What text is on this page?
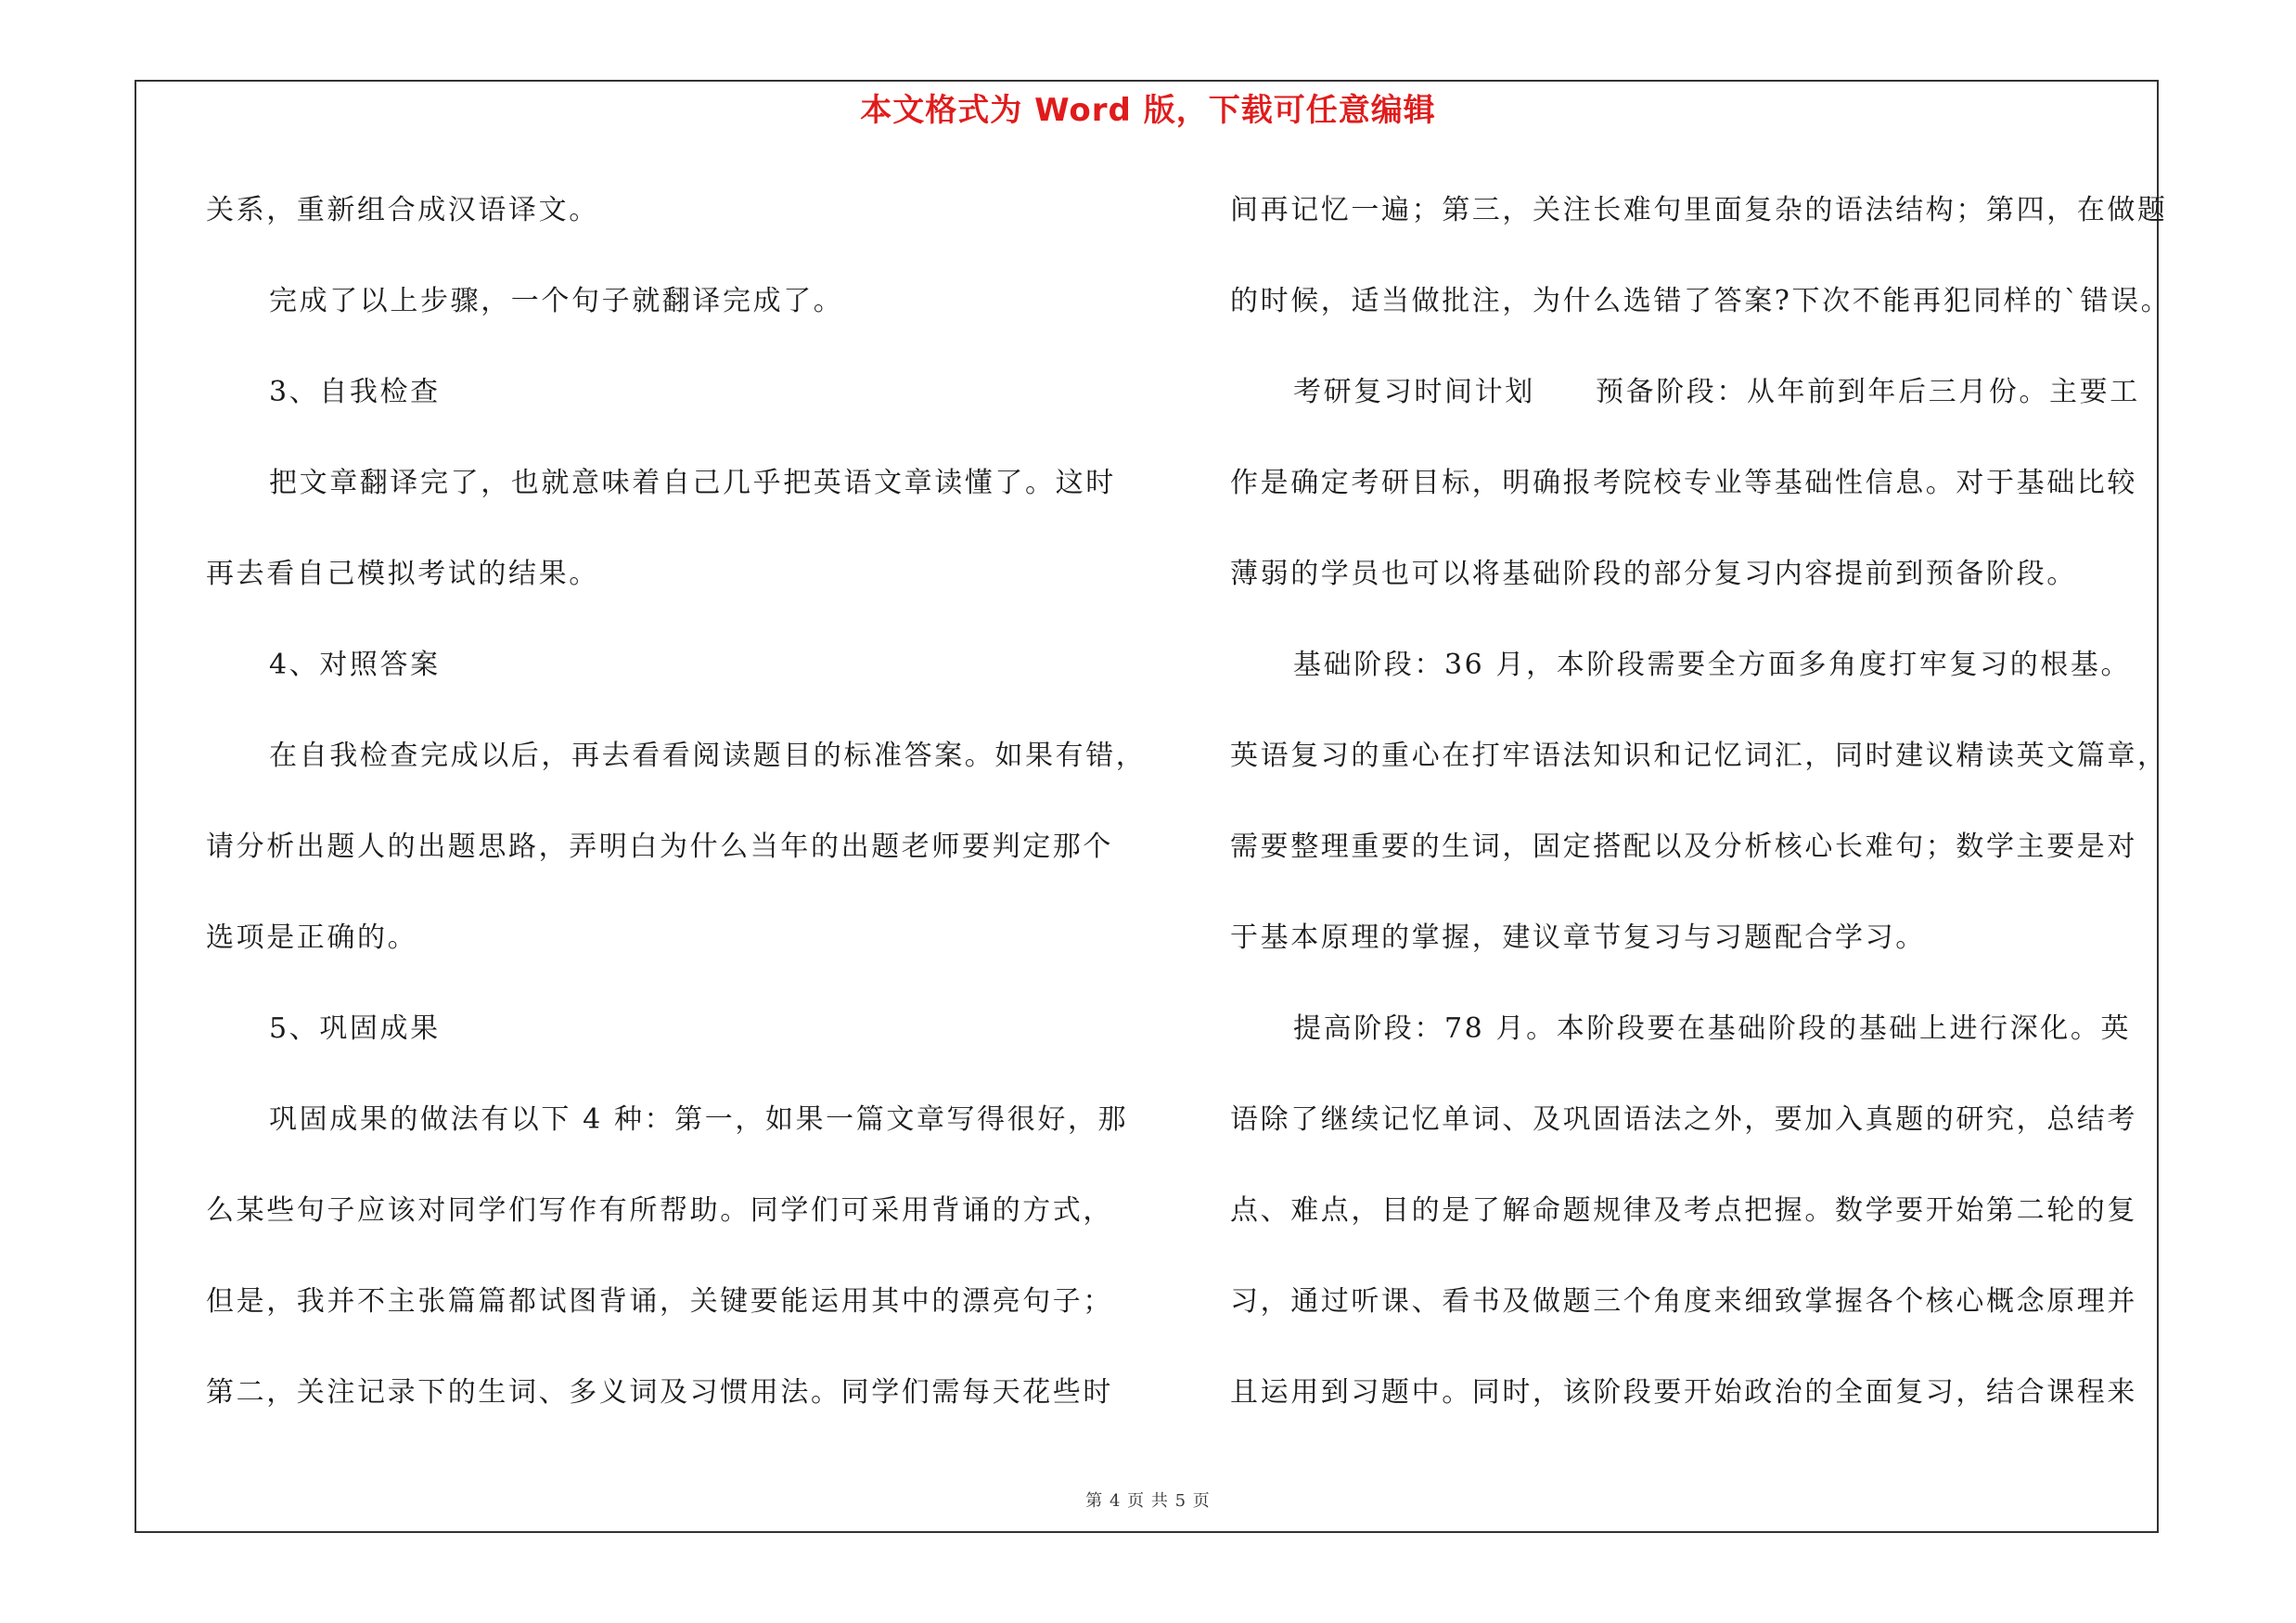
本文格式为 Word 版，下载可任意编辑
关系，重新组合成汉语译文。
完成了以上步骤，一个句子就翻译完成了。
3、自我检查
把文章翻译完了，也就意味着自己几乎把英语文章读懂了。这时
再去看自己模拟考试的结果。
4、对照答案
在自我检查完成以后，再去看看阅读题目的标准答案。如果有错，
请分析出题人的出题思路，弄明白为什么当年的出题老师要判定那个
选项是正确的。
5、巩固成果
巩固成果的做法有以下 4 种：第一，如果一篇文章写得很好，那
么某些句子应该对同学们写作有所帮助。同学们可采用背诵的方式，
但是，我并不主张篇篇都试图背诵，关键要能运用其中的漂亮句子；
第二，关注记录下的生词、多义词及习惯用法。同学们需每天花些时
间再记忆一遍；第三，关注长难句里面复杂的语法结构；第四，在做题
的时候，适当做批注，为什么选错了答案?下次不能再犯同样的`错误。
考研复习时间计划　　预备阶段：从年前到年后三月份。主要工
作是确定考研目标，明确报考院校专业等基础性信息。对于基础比较
薄弱的学员也可以将基础阶段的部分复习内容提前到预备阶段。
基础阶段：36 月，本阶段需要全方面多角度打牢复习的根基。
英语复习的重心在打牢语法知识和记忆词汇，同时建议精读英文篇章，
需要整理重要的生词，固定搭配以及分析核心长难句；数学主要是对
于基本原理的掌握，建议章节复习与习题配合学习。
提高阶段：78 月。本阶段要在基础阶段的基础上进行深化。英
语除了继续记忆单词、及巩固语法之外，要加入真题的研究，总结考
点、难点，目的是了解命题规律及考点把握。数学要开始第二轮的复
习，通过听课、看书及做题三个角度来细致掌握各个核心概念原理并
且运用到习题中。同时，该阶段要开始政治的全面复习，结合课程来
第 4 页 共 5 页
